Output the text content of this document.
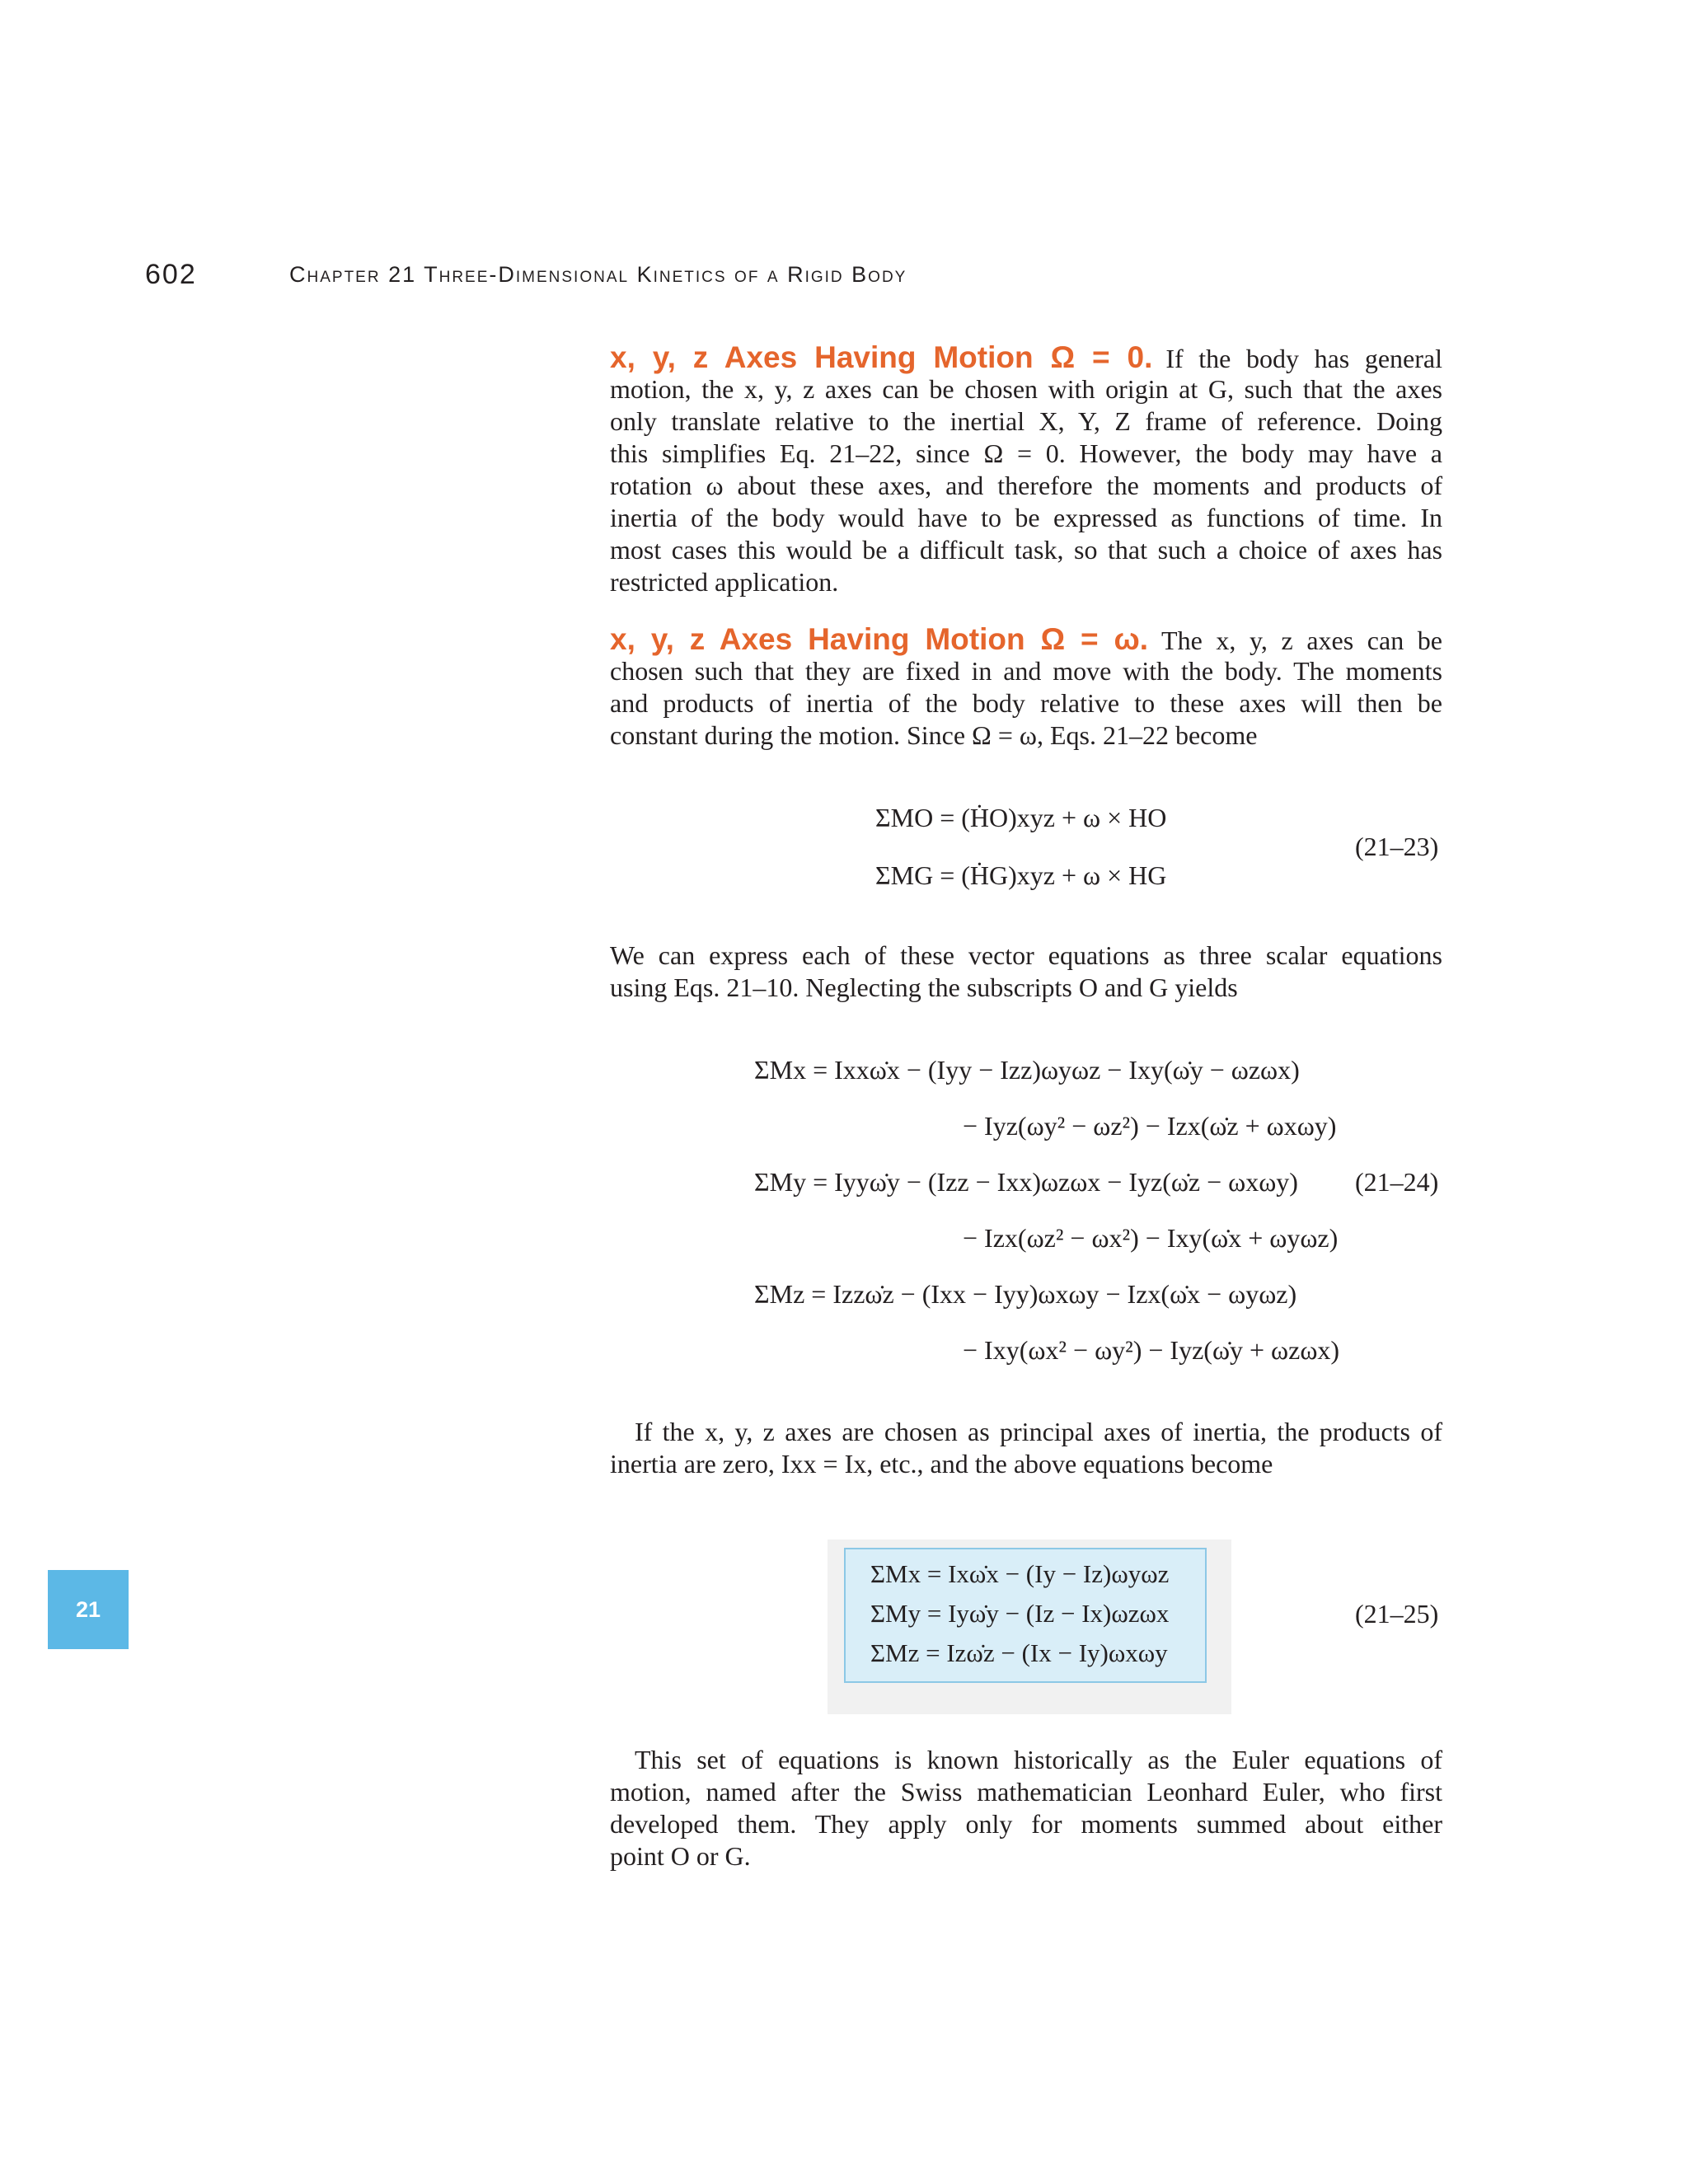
602	Chapter 21 Three-Dimensional Kinetics of a Rigid Body
x, y, z Axes Having Motion Ω = 0. If the body has general
motion, the x, y, z axes can be chosen with origin at G, such that the axes
only translate relative to the inertial X, Y, Z frame of reference. Doing
this simplifies Eq. 21–22, since Ω = 0. However, the body may have a
rotation ω about these axes, and therefore the moments and products of
inertia of the body would have to be expressed as functions of time. In
most cases this would be a difficult task, so that such a choice of axes has
restricted application.
x, y, z Axes Having Motion Ω = ω. The x, y, z axes can be
chosen such that they are fixed in and move with the body. The moments
and products of inertia of the body relative to these axes will then be
constant during the motion. Since Ω = ω, Eqs. 21–22 become
ΣMO = (ḢO)xyz + ω × HO
ΣMG = (ḢG)xyz + ω × HG
(21–23)
We can express each of these vector equations as three scalar equations
using Eqs. 21–10. Neglecting the subscripts O and G yields
ΣMx = Ixxω̇x − (Iyy − Izz)ωyωz − Ixy(ω̇y − ωzωx)
− Iyz(ωy² − ωz²) − Izx(ω̇z + ωxωy)
ΣMy = Iyyω̇y − (Izz − Ixx)ωzωx − Iyz(ω̇z − ωxωy) (21–24)
− Izx(ωz² − ωx²) − Ixy(ω̇x + ωyωz)
ΣMz = Izzω̇z − (Ixx − Iyy)ωxωy − Izx(ω̇x − ωyωz)
− Ixy(ωx² − ωy²) − Iyz(ω̇y + ωzωx)
If the x, y, z axes are chosen as principal axes of inertia, the products of
inertia are zero, Ixx = Ix, etc., and the above equations become
ΣMx = Ixω̇x − (Iy − Iz)ωyωz
ΣMy = Iyω̇y − (Iz − Ix)ωzωx
ΣMz = Izω̇z − (Ix − Iy)ωxωy
(21–25)
21
This set of equations is known historically as the Euler equations of
motion, named after the Swiss mathematician Leonhard Euler, who first
developed them. They apply only for moments summed about either
point O or G.
